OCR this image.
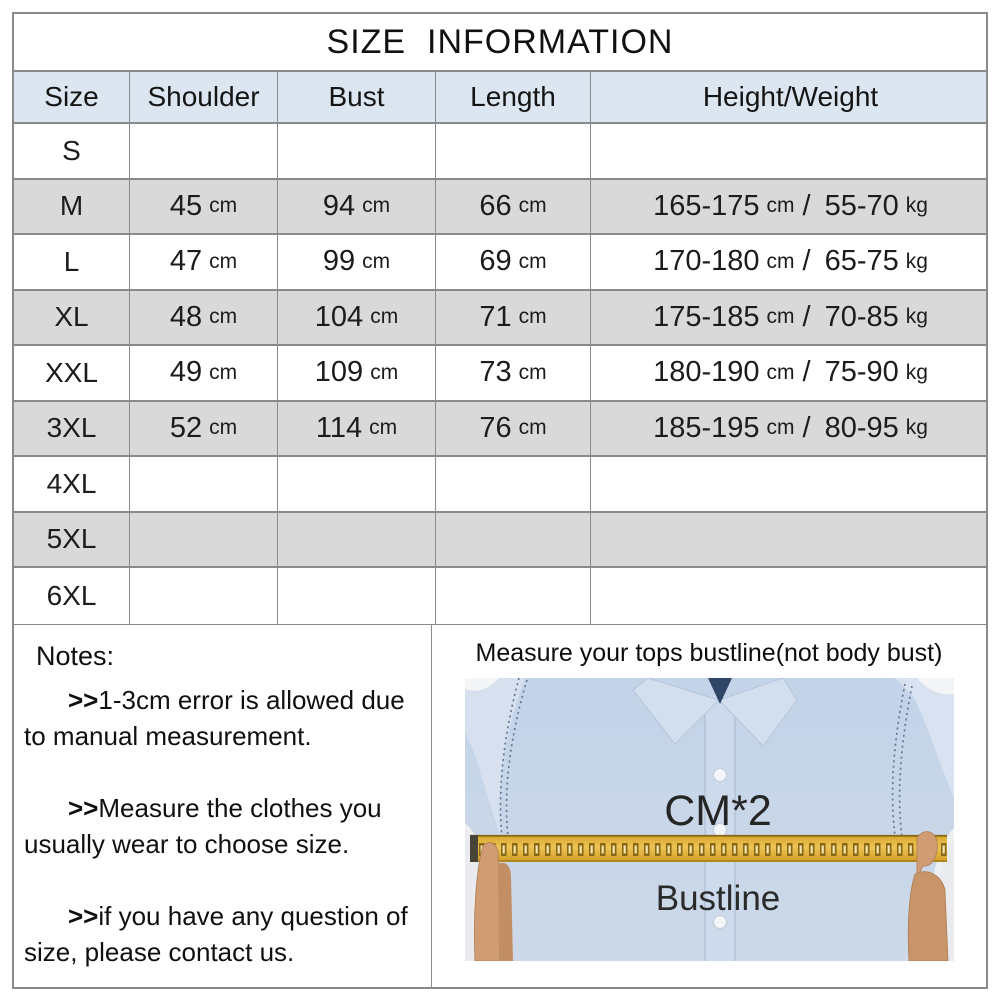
SIZE  INFORMATION
Size	Shoulder	Bust	Length	Height/Weight
S
M	45 cm	94 cm	66 cm	165-175 cm / 55-70 kg
L	47 cm	99 cm	69 cm	170-180 cm / 65-75 kg
XL	48 cm	104 cm	71 cm	175-185 cm / 70-85 kg
XXL 49 cm	109 cm	73 cm	180-190 cm / 75-90 kg
3XL	52 cm	114 cm	76 cm	185-195 cm / 80-95 kg
4XL
5XL
6XL
Notes:

>>1-3cm error is allowed due to manual measurement.

>>Measure the clothes you usually wear to choose size.

>>if you have any question of size, please contact us.

Measure your tops bustline(not body bust)
CM*2
Bustline
